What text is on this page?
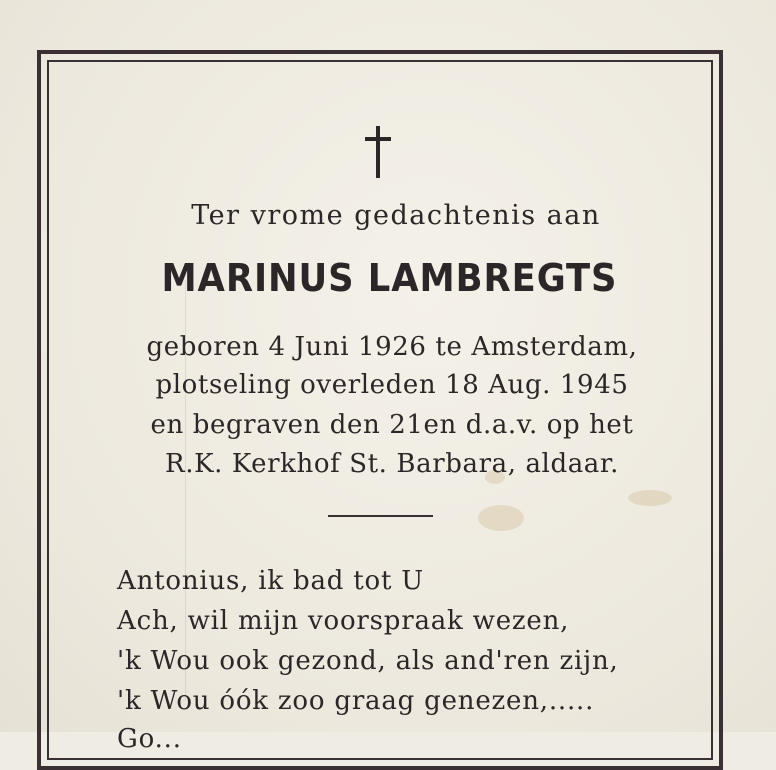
Ter vrome gedachtenis aan
MARINUS LAMBREGTS
geboren 4 Juni 1926 te Amsterdam,
plotseling overleden 18 Aug. 1945
en begraven den 21en d.a.v. op het
R.K. Kerkhof St. Barbara, aldaar.
Antonius, ik bad tot U
Ach, wil mijn voorspraak wezen,
'k Wou ook gezond, als and'ren zijn,
'k Wou óók zoo graag genezen,.....
Go...
